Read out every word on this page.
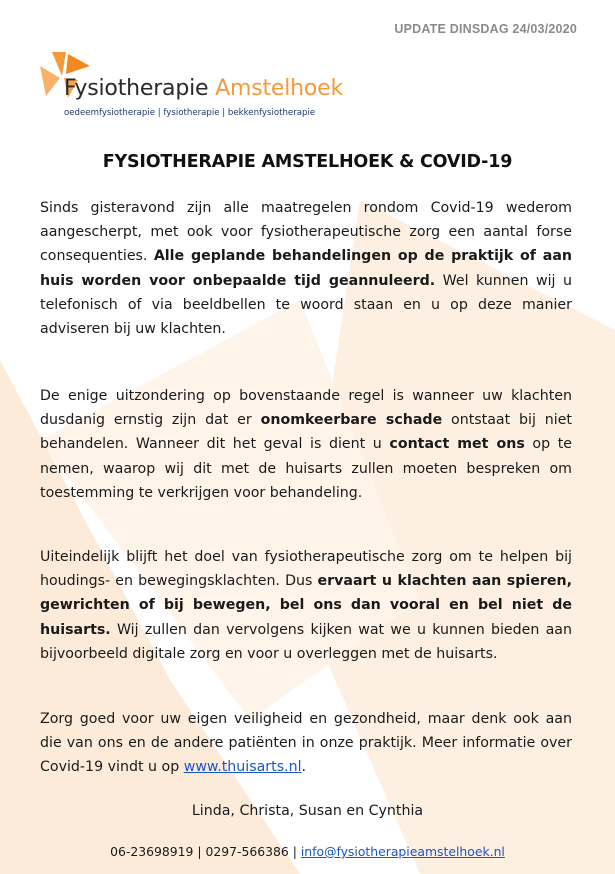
UPDATE DINSDAG 24/03/2020
Fysiotherapie Amstelhoek
oedeemfysiotherapie | fysiotherapie | bekkenfysiotherapie
FYSIOTHERAPIE AMSTELHOEK & COVID-19

Sinds gisteravond zijn alle maatregelen rondom Covid-19 wederom aangescherpt, met ook voor fysiotherapeutische zorg een aantal forse consequenties. Alle geplande behandelingen op de praktijk of aan huis worden voor onbepaalde tijd geannuleerd. Wel kunnen wij u telefonisch of via beeldbellen te woord staan en u op deze manier adviseren bij uw klachten.

De enige uitzondering op bovenstaande regel is wanneer uw klachten dusdanig ernstig zijn dat er onomkeerbare schade ontstaat bij niet behandelen. Wanneer dit het geval is dient u contact met ons op te nemen, waarop wij dit met de huisarts zullen moeten bespreken om toestemming te verkrijgen voor behandeling.

Uiteindelijk blijft het doel van fysiotherapeutische zorg om te helpen bij houdings- en bewegingsklachten. Dus ervaart u klachten aan spieren, gewrichten of bij bewegen, bel ons dan vooral en bel niet de huisarts. Wij zullen dan vervolgens kijken wat we u kunnen bieden aan bijvoorbeeld digitale zorg en voor u overleggen met de huisarts.

Zorg goed voor uw eigen veiligheid en gezondheid, maar denk ook aan die van ons en de andere patiënten in onze praktijk. Meer informatie over Covid-19 vindt u op www.thuisarts.nl.

Linda, Christa, Susan en Cynthia
06-23698919 | 0297-566386 | info@fysiotherapieamstelhoek.nl
